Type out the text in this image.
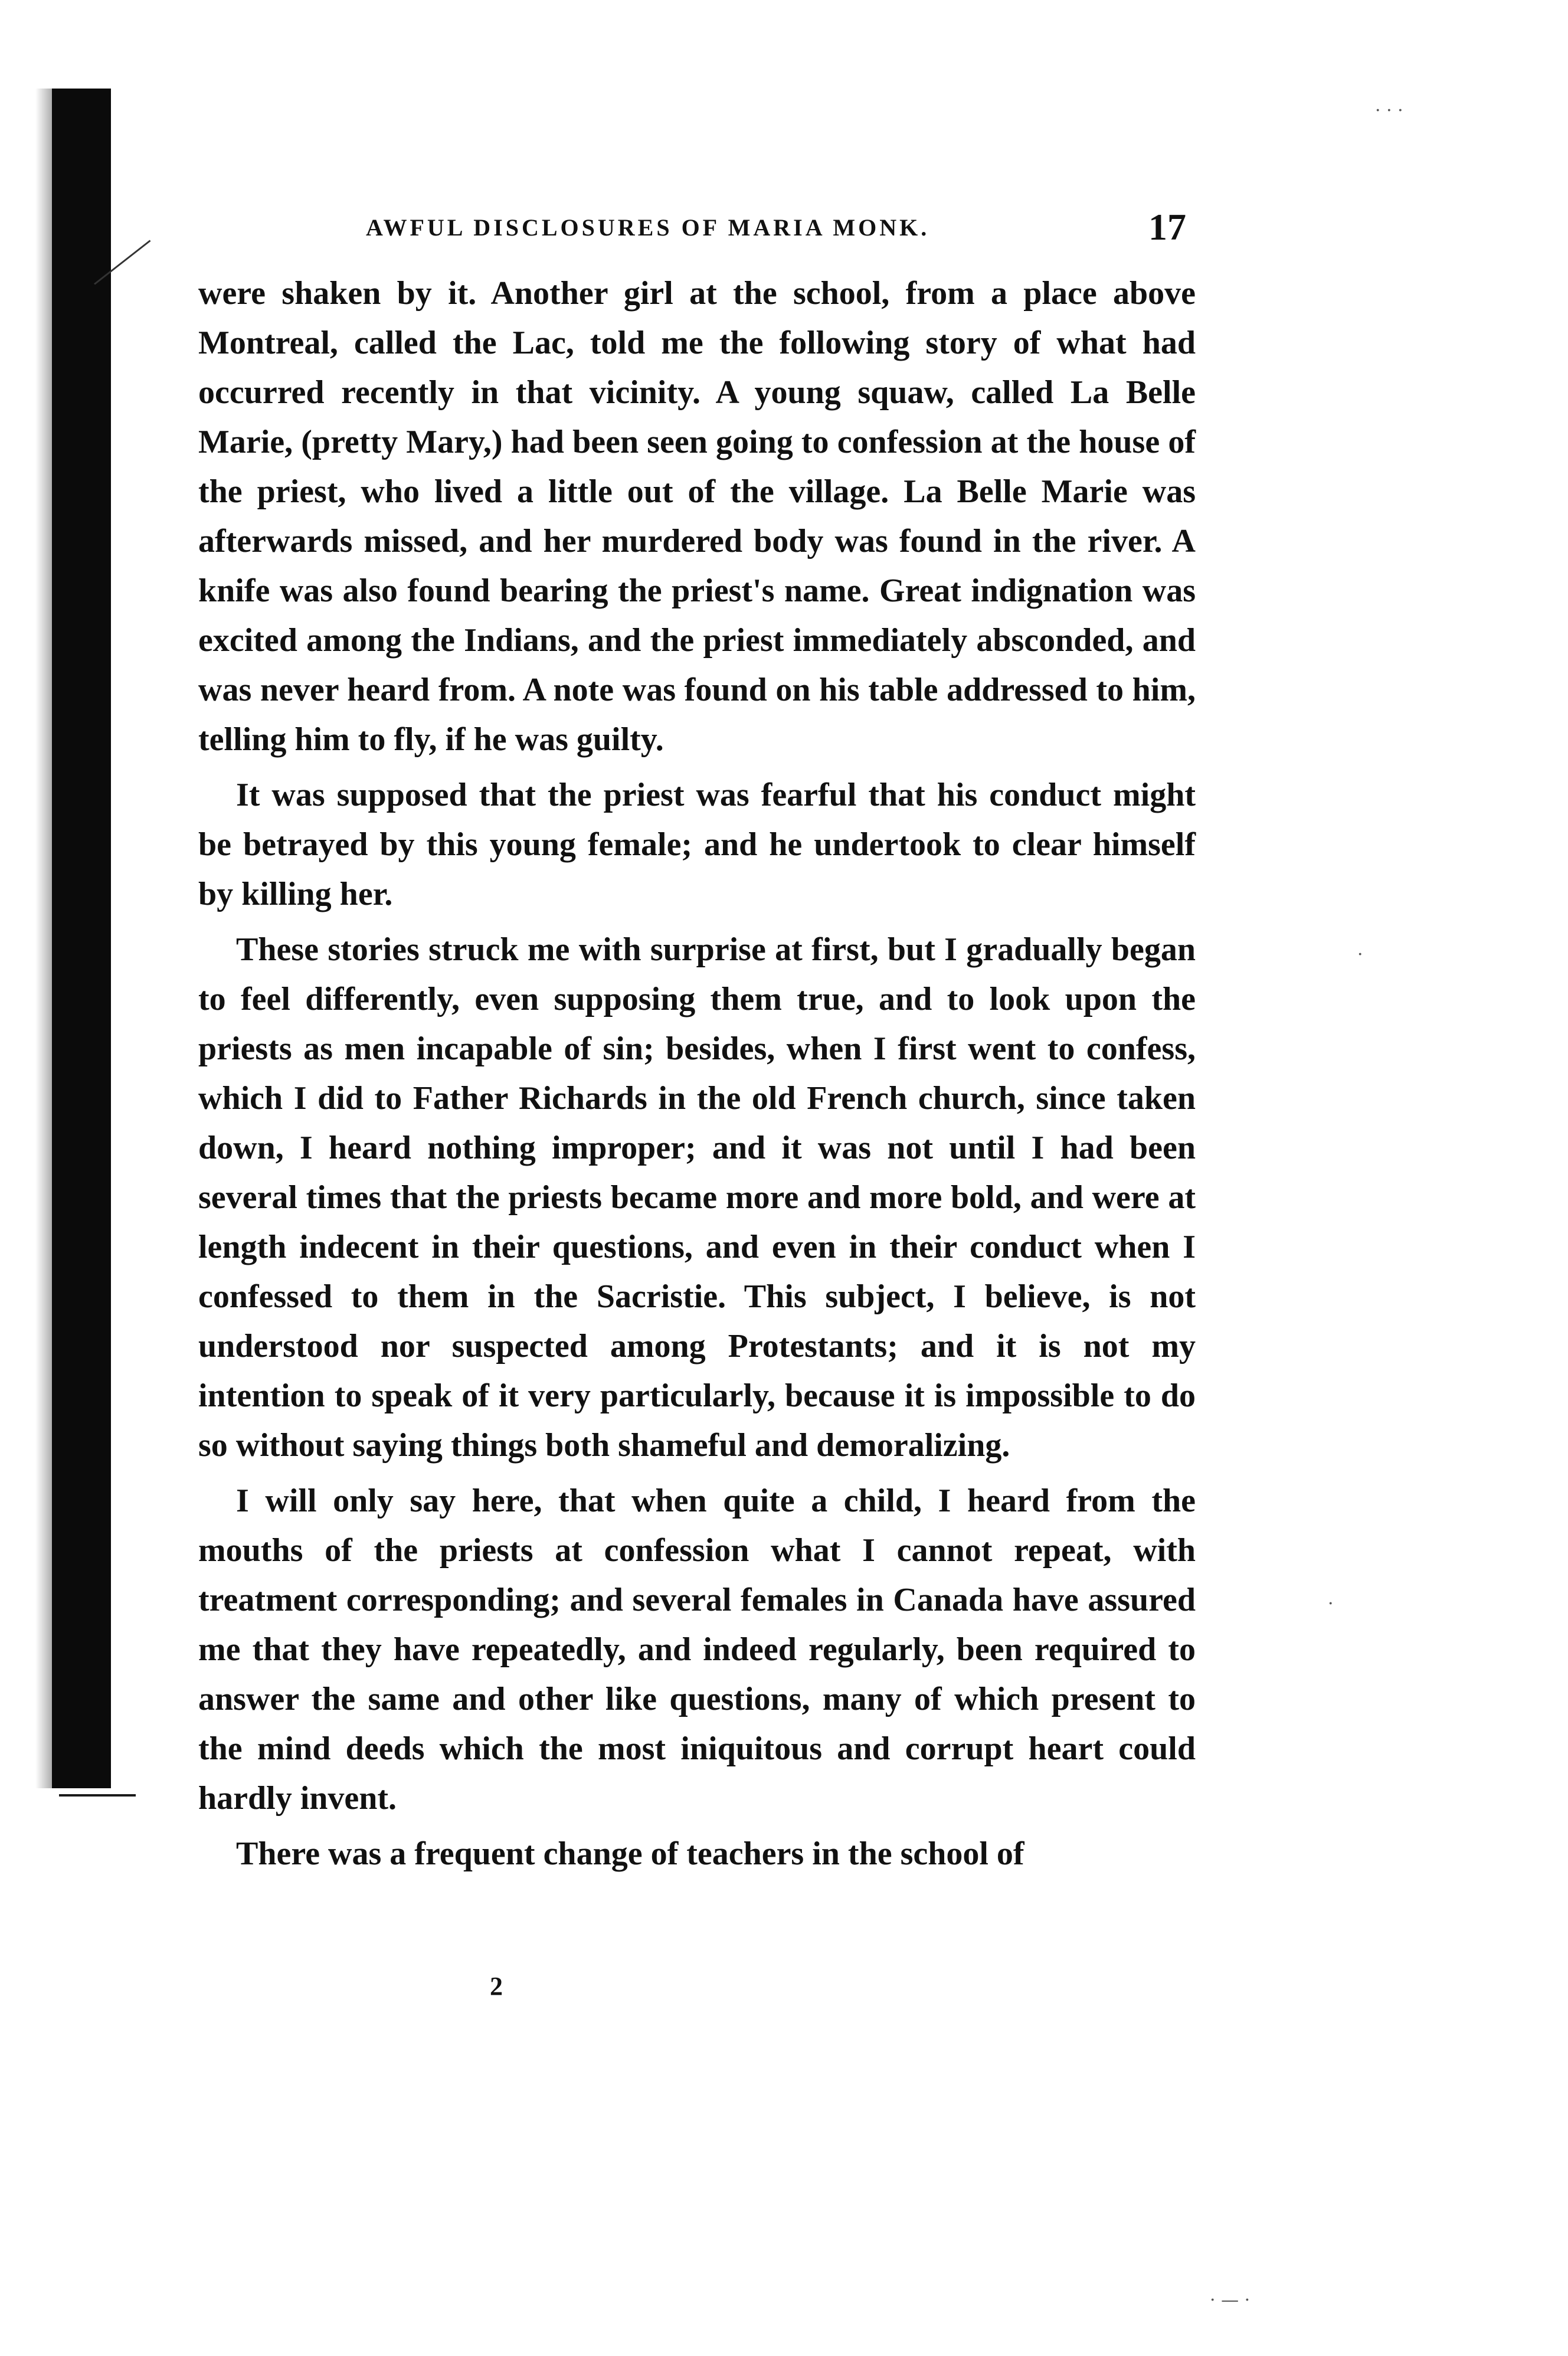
AWFUL DISCLOSURES OF MARIA MONK.	17

were shaken by it. Another girl at the school, from a place above Montreal, called the Lac, told me the following story of what had occurred recently in that vicinity. A young squaw, called La Belle Marie, (pretty Mary,) had been seen going to confession at the house of the priest, who lived a little out of the village. La Belle Marie was afterwards missed, and her murdered body was found in the river. A knife was also found bearing the priest's name. Great indignation was excited among the Indians, and the priest immediately absconded, and was never heard from. A note was found on his table addressed to him, telling him to fly, if he was guilty.

It was supposed that the priest was fearful that his conduct might be betrayed by this young female; and he undertook to clear himself by killing her.

These stories struck me with surprise at first, but I gradually began to feel differently, even supposing them true, and to look upon the priests as men incapable of sin; besides, when I first went to confess, which I did to Father Richards in the old French church, since taken down, I heard nothing improper; and it was not until I had been several times that the priests became more and more bold, and were at length indecent in their questions, and even in their conduct when I confessed to them in the Sacristie. This subject, I believe, is not understood nor suspected among Protestants; and it is not my intention to speak of it very particularly, because it is impossible to do so without saying things both shameful and demoralizing.

I will only say here, that when quite a child, I heard from the mouths of the priests at confession what I cannot repeat, with treatment corresponding; and several females in Canada have assured me that they have repeatedly, and indeed regularly, been required to answer the same and other like questions, many of which present to the mind deeds which the most iniquitous and corrupt heart could hardly invent.

There was a frequent change of teachers in the school of

2
· · ·
·
·
· — ·
